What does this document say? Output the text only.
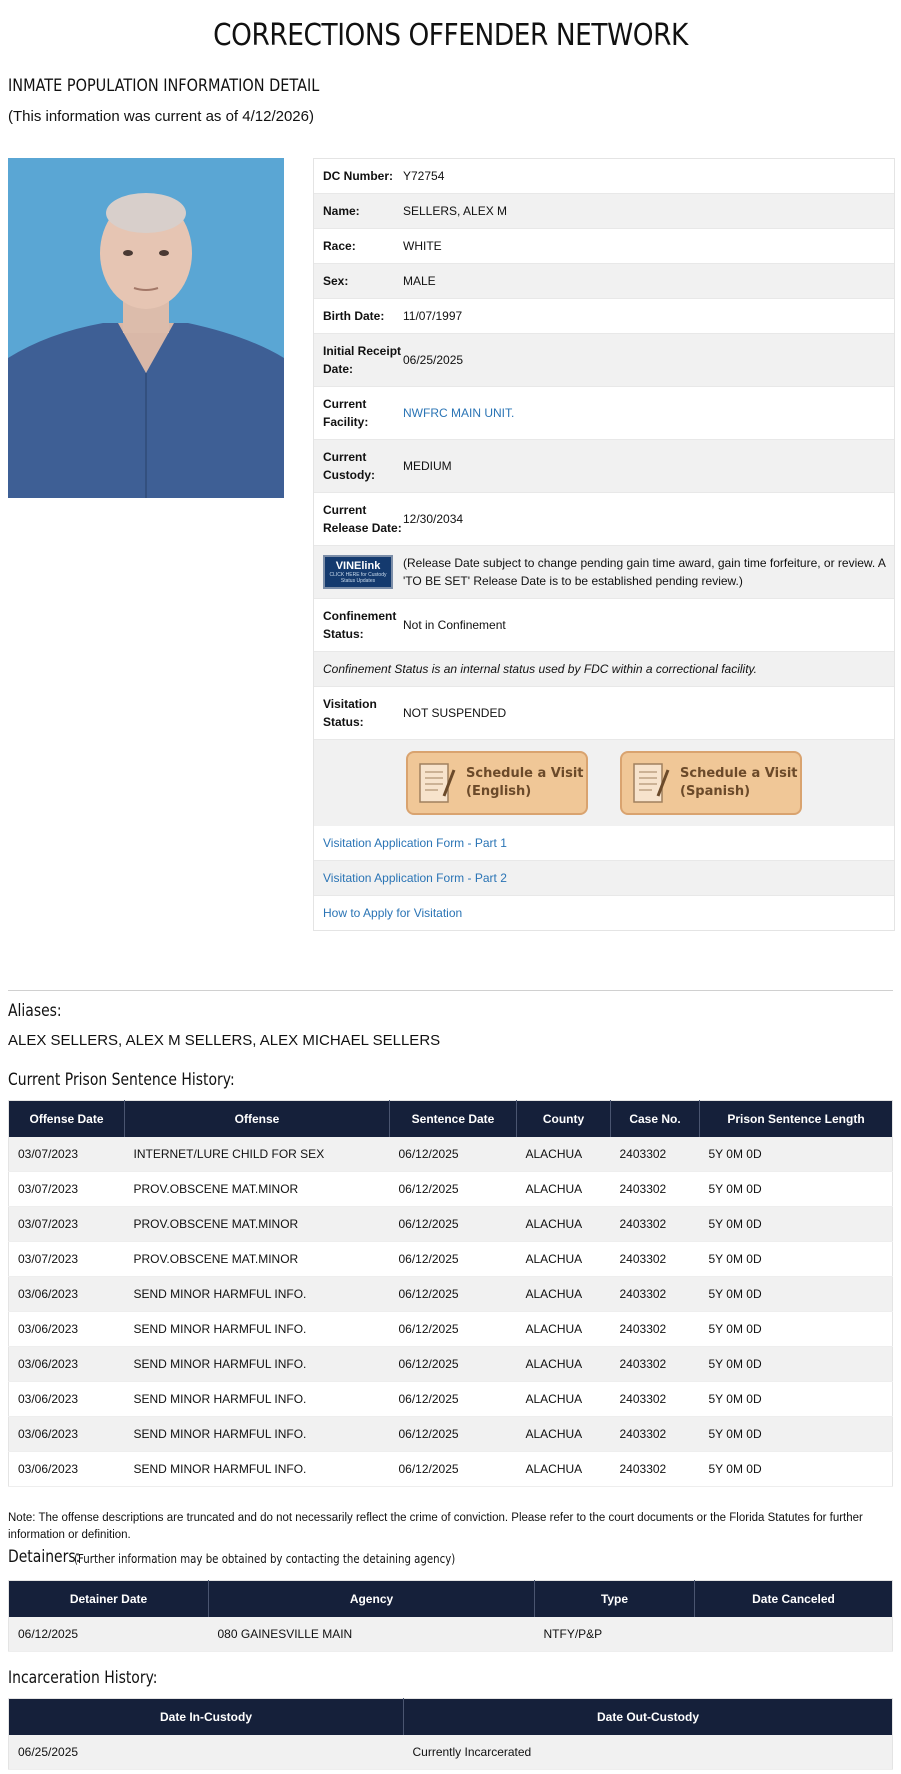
CORRECTIONS OFFENDER NETWORK
INMATE POPULATION INFORMATION DETAIL
(This information was current as of 4/12/2026)
DC Number: Y72754
Name:	SELLERS, ALEX M
Race:	WHITE
Sex:	MALE
Birth Date:	11/07/1997
Initial Receipt Date:
06/25/2025
Current Facility:
NWFRC MAIN UNIT.
Current Custody:
MEDIUM
Current Release Date:
12/30/2034
VINElink
CLICK HERE for Custody Status Updates
(Release Date subject to change pending gain time award, gain time forfeiture, or review. A 'TO BE SET' Release Date is to be established pending review.)
Confinement Status:
Not in Confinement
Confinement Status is an internal status used by FDC within a correctional facility.
Visitation Status:
NOT SUSPENDED
Schedule a Visit
(English)
Schedule a Visit
(Spanish)
Visitation Application Form - Part 1
Visitation Application Form - Part 2
How to Apply for Visitation
Aliases:
ALEX SELLERS, ALEX M SELLERS, ALEX MICHAEL SELLERS
Current Prison Sentence History:
Offense Date	Offense	Sentence Date	County	Case No.	Prison Sentence Length
03/07/2023	INTERNET/LURE CHILD FOR SEX	06/12/2025	ALACHUA	2403302	5Y 0M 0D
03/07/2023	PROV.OBSCENE MAT.MINOR	06/12/2025	ALACHUA	2403302	5Y 0M 0D
03/07/2023	PROV.OBSCENE MAT.MINOR	06/12/2025	ALACHUA	2403302	5Y 0M 0D
03/07/2023	PROV.OBSCENE MAT.MINOR	06/12/2025	ALACHUA	2403302	5Y 0M 0D
03/06/2023	SEND MINOR HARMFUL INFO.	06/12/2025	ALACHUA	2403302	5Y 0M 0D
03/06/2023	SEND MINOR HARMFUL INFO.	06/12/2025	ALACHUA	2403302	5Y 0M 0D
03/06/2023	SEND MINOR HARMFUL INFO.	06/12/2025	ALACHUA	2403302	5Y 0M 0D
03/06/2023	SEND MINOR HARMFUL INFO.	06/12/2025	ALACHUA	2403302	5Y 0M 0D
03/06/2023	SEND MINOR HARMFUL INFO.	06/12/2025	ALACHUA	2403302	5Y 0M 0D
03/06/2023	SEND MINOR HARMFUL INFO.	06/12/2025	ALACHUA	2403302	5Y 0M 0D
Note: The offense descriptions are truncated and do not necessarily reflect the crime of conviction. Please refer to the court documents or the Florida Statutes for further information or definition.
Detainers:
(Further information may be obtained by contacting the detaining agency)
Detainer Date	Agency	Type	Date Canceled
06/12/2025	080 GAINESVILLE MAIN	NTFY/P&P	
Incarceration History:
Date In-Custody	Date Out-Custody
06/25/2025	Currently Incarcerated
